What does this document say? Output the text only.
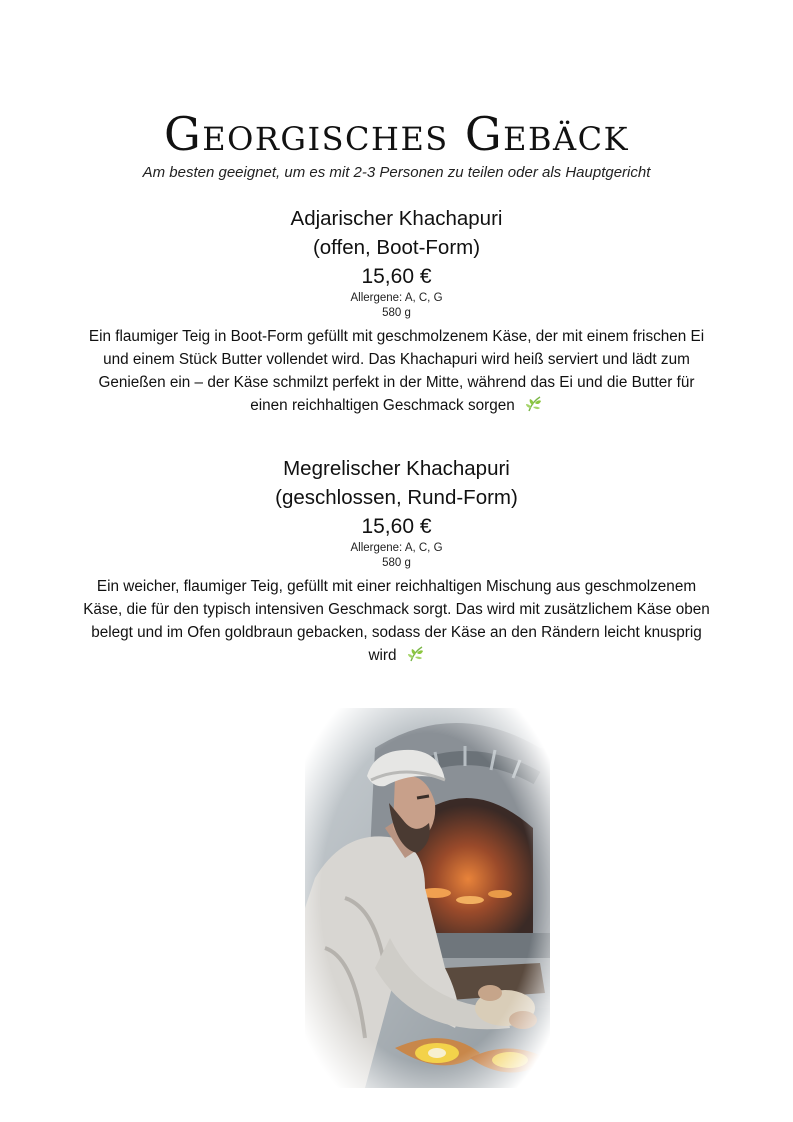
Georgisches Gebäck
Am besten geeignet, um es mit 2-3 Personen zu teilen oder als Hauptgericht
Adjarischer Khachapuri
(offen, Boot-Form)
15,60 €
Allergene: A, C, G
580 g
Ein flaumiger Teig in Boot-Form gefüllt mit geschmolzenem Käse, der mit einem frischen Ei und einem Stück Butter vollendet wird. Das Khachapuri wird heiß serviert und lädt zum Genießen ein – der Käse schmilzt perfekt in der Mitte, während das Ei und die Butter für einen reichhaltigen Geschmack sorgen
Megrelischer Khachapuri
(geschlossen, Rund-Form)
15,60 €
Allergene: A, C, G
580 g
Ein weicher, flaumiger Teig, gefüllt mit einer reichhaltigen Mischung aus geschmolzenem Käse, die für den typisch intensiven Geschmack sorgt. Das wird mit zusätzlichem Käse oben belegt und im Ofen goldbraun gebacken, sodass der Käse an den Rändern leicht knusprig wird
